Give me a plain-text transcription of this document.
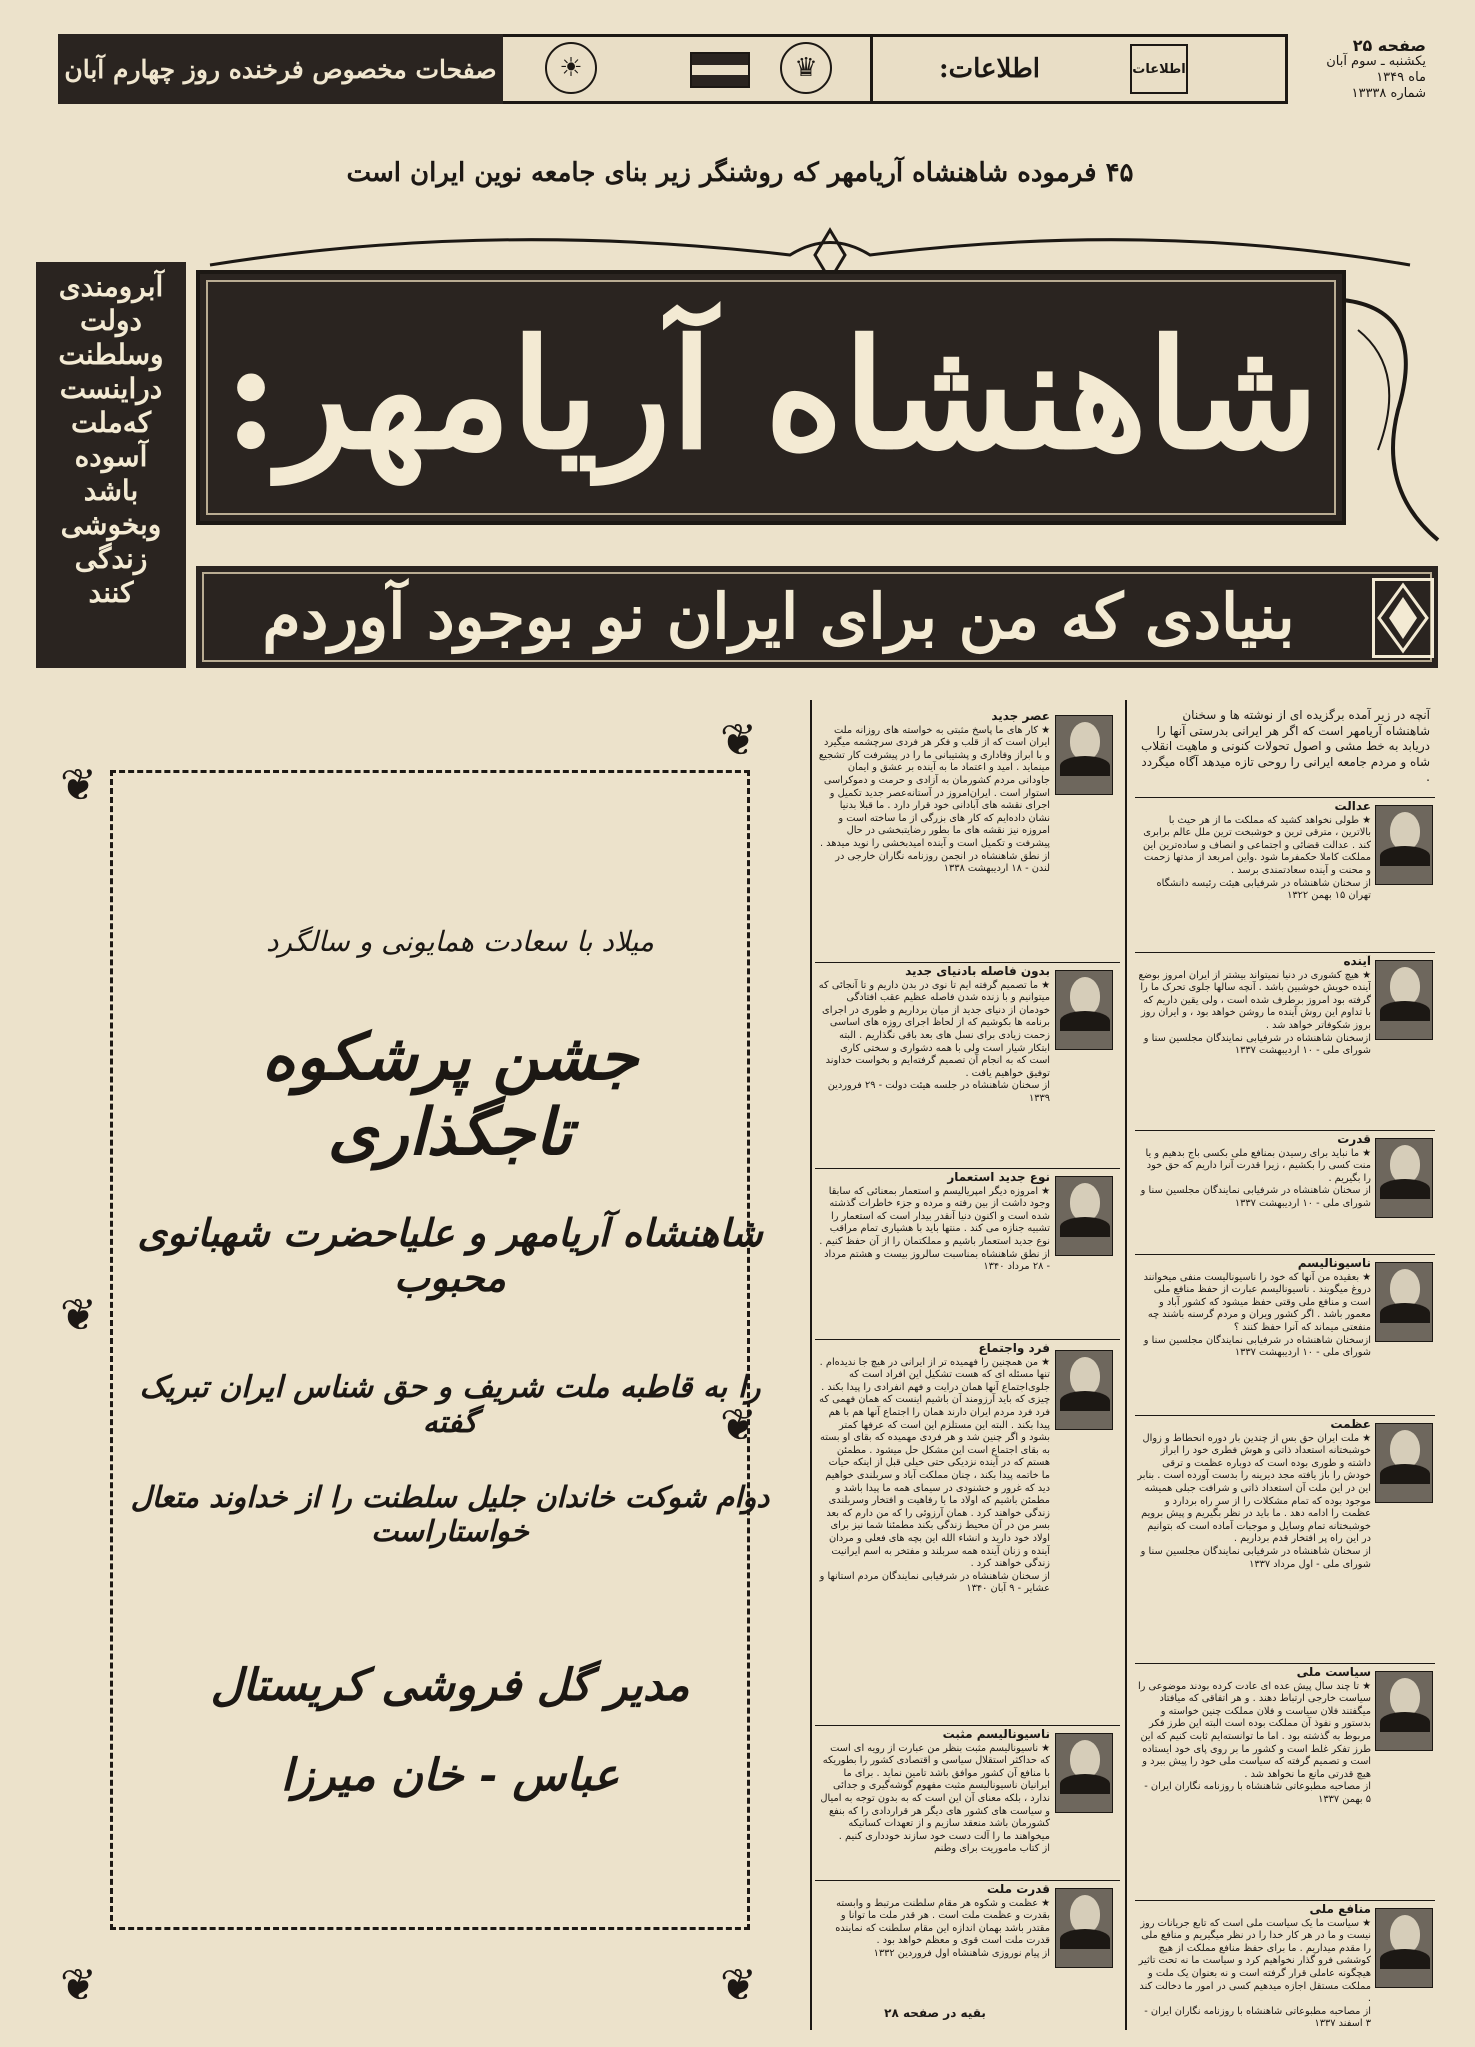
صفحات مخصوص فرخنده روز چهارم آبان	☀	♛	اطلاعات:	اطلاعات
صفحه ۲۵
یکشنبه ـ سوم آبان
ماه ۱۳۴۹
شماره ۱۳۳۳۸
۴۵ فرموده شاهنشاه آریامهر که روشنگر زیر بنای جامعه نوین ایران است
شاهنشاه آریامهر:
بنیادی که من برای ایران نو بوجود آوردم
آبرومندی
دولت
وسلطنت
دراینست
که‌ملت
آسوده
باشد
وبخوشی
زندگی
کنند
آنچه در زیر آمده برگزیده ای از نوشته ها و سخنان شاهنشاه آریامهر است که اگر هر ایرانی بدرستی آنها را دریابد به خط مشی و اصول تحولات کنونی و ماهیت انقلاب شاه و مردم جامعه ایرانی را روحی تازه میدهد آگاه میگردد .
عدالت
★ طولی نخواهد کشید که مملکت ما از هر حیث با بالاترین ، مترقی ترین و خوشبخت ترین ملل عالم برابری کند . عدالت قضائی و اجتماعی و انصاف و ساده‌ترین این مملکت کاملا حکمفرما شود .واین امر‌بعد از مدتها زحمت و محنت و آینده سعادتمندی برسد .
از سخنان شاهنشاه در شرفیابی هیئت رئیسه دانشگاه تهران ۱۵ بهمن ۱۳۲۲
آینده
★ هیچ کشوری در دنیا نمیتواند بیشتر از ایران امروز بوضع آینده خویش خوشبین باشد . آنچه سالها جلوی تحرک ما را گرفته بود امروز برطرف شده است ، ولی یقین داریم که با تداوم این روش آینده ما روشن خواهد بود ، و ایران روز بروز شکوفاتر خواهد شد .
ازسخنان شاهنشاه در شرفیابی نمایندگان مجلسین سنا و شورای ملی - ۱۰ اردیبهشت ۱۳۳۷
قدرت
★ ما نباید برای رسیدن بمنافع ملی بکسی باج بدهیم و یا منت کسی را بکشیم ، زیرا قدرت آنرا داریم که حق خود را بگیریم .
از سخنان شاهنشاه در شرفیابی نمایندگان مجلسین سنا و شورای ملی - ۱۰ اردیبهشت ۱۳۳۷
ناسیونالیسم
★ بعقیده من آنها که خود را ناسیونالیست‌ منفی میخوانند دروغ میگویند . ناسیونالیسم عبارت از حفظ منافع ملی است و منافع ملی وقتی حفظ میشود که کشور آباد و معمور باشد . اگر کشور ویران و مردم گرسنه باشند چه منفعتی میماند که آنرا حفظ کنند ؟
ازسخنان شاهنشاه در شرفیابی نمایندگان مجلسین سنا و شورای ملی - ۱۰ اردیبهشت ۱۳۳۷
عظمت
★ ملت ایران حق‌ بس از چندین بار دوره انحطاط و زوال خوشبختانه استعداد ذاتی و هوش فطری خود را ابراز داشته و طوری بوده است که دوباره عظمت و ترقی خودش را باز یافته مجد دیرینه را بدست آورده است . بنابر این در این ملت آن استعداد ذاتی و شرافت جبلی همیشه موجود بوده که تمام مشکلات را از سر راه بردارد و عظمت را ادامه دهد . ما باید در نظر بگیریم و پیش برویم خوشبختانه تمام وسایل و موجبات آماده است که بتوانیم در این راه پر افتخار قدم برداریم .
از سخنان شاهنشاه در شرفیابی نمایندگان مجلسین سنا و شورای ملی - اول مرداد ۱۳۳۷
سیاست ملی
★ تا چند سال پیش عده ای عادت کرده بودند موضوعی را سیاست خارجی ارتباط دهند . و هر اتفاقی که میافتاد میگفتند فلان سیاست و فلان مملکت چنین خواسته و بدستور و نفوذ آن مملکت بوده است البته این طرز فکر مربوط به گذشته بود . اما ما توانسته‌ایم ثابت کنیم که این طرز تفکر غلط است و کشور ما بر روی پای خود ایستاده است و تصمیم گرفته که سیاست ملی خود را پیش ببرد و هیچ قدرتی مانع ما نخواهد شد .
از مصاحبه مطبوعاتی شاهنشاه با روزنامه نگاران ایران - ۵ بهمن ۱۳۳۷
منافع ملی
★ سیاست ما یک سیاست ملی است که تابع جریانات روز نیست و ما در هر کار خدا را در نظر میگیریم و منافع ملی را مقدم میداریم . ما برای حفظ منافع مملکت از هیچ کوششی فرو گذار نخواهیم کرد و سیاست ما نه تحت تاثیر هیچگونه عاملی قرار گرفته است و نه بعنوان یک ملت و مملکت مستقل اجازه میدهیم کسی در امور ما دخالت کند .
از مصاحبه مطبوعاتی شاهنشاه با روزنامه نگاران ایران - ۳ اسفند ۱۳۳۷
عصر جدید
★ کار های ما پاسخ مثبتی به خواسته های روزانه ملت ایران است که از قلب و فکر هر فردی سرچشمه میگیرد و با ابراز وفاداری و پشتیبانی ما را در پیشرفت کار تشجیع مینماید . امید و اعتماد ما به آینده بر عشق و ایمان جاودانی مردم کشورمان به آزادی و حرمت و دموکراسی استوار است . ایران‌امروز در آستانه‌عصر جدید تکمیل و اجرای نقشه های آبادانی خود قرار دارد . ما قبلا بدنیا نشان داده‌ایم که کار های بزرگی از ما ساخته است و امروزه نیز نقشه های ما بطور رضایتبخشی در حال پیشرفت و تکمیل است و آینده امیدبخشی را نوید میدهد .
از نطق شاهنشاه در انجمن روزنامه نگاران خارجی در لندن - ۱۸ اردیبهشت ۱۳۳۸
بدون فاصله بادنیای جدید
★ ما تصمیم گرفته ایم تا نوی در بدن داریم و تا آنجائی که میتوانیم و با زنده شدن فاصله عظیم عقب افتادگی خودمان از دنیای جدید از میان برداریم و طوری در اجرای برنامه ها بکوشیم که از لحاظ اجرای روزه های اساسی زحمت زیادی برای نسل های بعد باقی نگذاریم . البته ابتکار شیار است ولی با همه دشواری و سختی کاری است که به انجام آن تصمیم گرفته‌ایم و بخواست خداوند توفیق خواهیم یافت .
از سخنان شاهنشاه در جلسه هیئت دولت - ۲۹ فروردین ۱۳۳۹
نوع جدید استعمار
★ امروزه دیگر امپریالیسم و استعمار بمعنائی که سابقا وجود داشت از بین رفته و مرده و جزء خاطرات گذشته شده است و اکنون دنیا آنقدر بیدار است که استعمار را تشبیه‌ جنازه می کند . منتها باید با هشیاری تمام مراقب نوع جدید استعمار باشیم و مملکتمان را از آن حفظ کنیم .
از نطق شاهنشاه بمناسبت سالروز بیست و هشتم مرداد - ۲۸ مرداد ۱۳۴۰
فرد واجتماع
★ من همچنین را فهمیده تر از ایرانی در هیچ جا ندیده‌ام . تنها مسئله ای که هست تشکیل این افراد است که جلوی‌اجتماع آنها همان درایت و فهم انفرادی را پیدا بکند . چیزی که باید آرزومند آن باشیم اینست که همان فهمی که فرد فرد مردم ایران دارند همان را اجتماع آنها هم با هم پیدا بکند . البته این مستلزم این است که عرفها کمتر بشود و اگر چنین شد و هر فردی مهمیده که بقای او بسته به بقای اجتماع است این مشکل حل میشود . مطمئن هستم که در آینده نزدیکی حتی خیلی قبل از اینکه حیات ما خاتمه پیدا بکند ، چنان مملکت آباد و سربلندی خواهیم دید که غرور و خشنودی در سیمای همه ما پیدا باشد و مطمئن باشیم که اولاد ما با رفاهیت و افتخار وسربلندی زندگی خواهند کرد . همان آرزوئی را که من دارم که بعد بسر من در آن محیط زندگی بکند مطمئنا شما نیز برای اولاد خود دارید و انشاء الله این بچه های فعلی و مردان آینده و زنان آینده همه سربلند و مفتخر به اسم ایرانیت زندگی خواهند کرد .
از سخنان شاهنشاه در شرفیابی نمایندگان مردم استانها و عشایر - ۹ آبان ۱۳۴۰
ناسیونالیسم مثبت
★ ناسیونالیسم مثبت بنظر من عبارت از رویه ای است که حداکثر استقلال سیاسی و اقتصادی کشور را بطوریکه با منافع آن کشور موافق باشد تامین نماید . برای ما ایرانیان ناسیونالیسم مثبت مفهوم گوشه‌گیری و جدائی ندارد ، بلکه معنای آن این است که به بدون توجه به امیال و سیاست های کشور های دیگر هر قراردادی را که بنفع کشورمان باشد منعقد سازیم و از تعهدات کسانیکه میخواهند ما را آلت دست خود سازند خودداری کنیم .
از کتاب ماموریت برای وطنم
قدرت ملت
★ عظمت و شکوه هر مقام سلطنت مرتبط و وابسته بقدرت و عظمت ملت است . هر قدر ملت ما توانا و مقتدر باشد بهمان اندازه این مقام سلطنت که نماینده قدرت ملت است قوی و معظم خواهد بود .
از پیام نوروزی شاهنشاه اول فروردین ۱۳۳۲
بقیه در صفحه ۲۸
❦
❦
❦
❦	❦
❦
میلاد با سعادت همایونی و سالگرد
جشن پرشکوه تاجگذاری
شاهنشاه آریامهر و علیاحضرت شهبانوی محبوب
را به قاطبه ملت شریف و حق شناس ایران تبریک گفته
دوام شوکت خاندان جلیل سلطنت را از خداوند متعال خواستاراست
مدیر گل فروشی کریستال
عباس - خان میرزا
